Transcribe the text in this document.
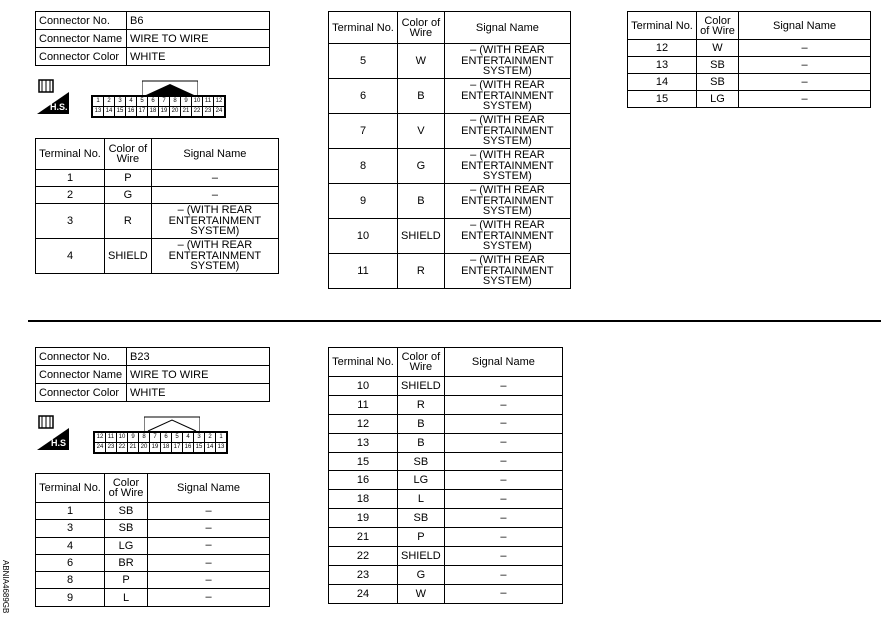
Connector No.	B6
Connector Name	WIRE TO WIRE
Connector Color	WHITE
H.S.
1	2	3	4	5	6	7	8	9	10	11	12
13	14	15	16	17	18	19	20	21	22	23	24
Terminal No.	Color of Wire	Signal Name
1	P	–
2	G	–
3	R	– (WITH REAR ENTERTAINMENT SYSTEM)
4	SHIELD	– (WITH REAR ENTERTAINMENT SYSTEM)
Terminal No.	Color of Wire	Signal Name
5	W	– (WITH REAR ENTERTAINMENT SYSTEM)
6	B	– (WITH REAR ENTERTAINMENT SYSTEM)
7	V	– (WITH REAR ENTERTAINMENT SYSTEM)
8	G	– (WITH REAR ENTERTAINMENT SYSTEM)
9	B	– (WITH REAR ENTERTAINMENT SYSTEM)
10	SHIELD	– (WITH REAR ENTERTAINMENT SYSTEM)
11	R	– (WITH REAR ENTERTAINMENT SYSTEM)
Terminal No.	Color of Wire	Signal Name
12	W	–
13	SB	–
14	SB	–
15	LG	–
Connector No.	B23
Connector Name	WIRE TO WIRE
Connector Color	WHITE
H.S
12	11	10	9	8	7	6	5	4	3	2	1
24	23	22	21	20	19	18	17	16	15	14	13
Terminal No.	Color of Wire	Signal Name
1	SB	–
3	SB	–
4	LG	–
6	BR	–
8	P	–
9	L	–
Terminal No.	Color of Wire	Signal Name
10	SHIELD	–
11	R	–
12	B	–
13	B	–
15	SB	–
16	LG	–
18	L	–
19	SB	–
21	P	–
22	SHIELD	–
23	G	–
24	W	–
ABNIA4689GB
